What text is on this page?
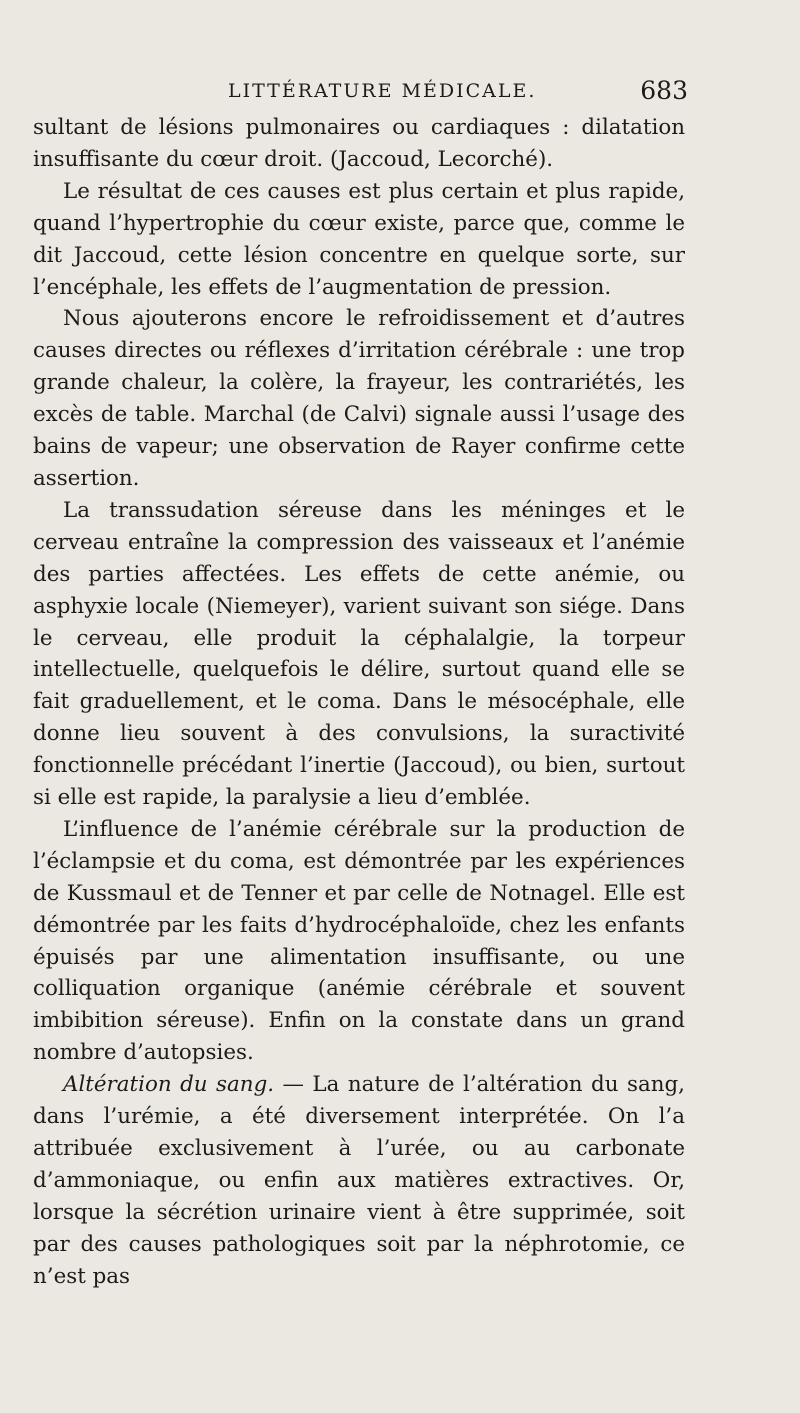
LITTÉRATURE MÉDICALE.	683

sultant de lésions pulmonaires ou cardiaques : dilatation insuffisante du cœur droit. (Jaccoud, Lecorché).

Le résultat de ces causes est plus certain et plus rapide, quand l’hypertrophie du cœur existe, parce que, comme le dit Jaccoud, cette lésion concentre en quelque sorte, sur l’encéphale, les effets de l’augmentation de pression.

Nous ajouterons encore le refroidissement et d’autres causes directes ou réflexes d’irritation cérébrale : une trop grande chaleur, la colère, la frayeur, les contrariétés, les excès de table. Marchal (de Calvi) signale aussi l’usage des bains de vapeur; une observation de Rayer confirme cette assertion.

La transsudation séreuse dans les méninges et le cerveau entraîne la compression des vaisseaux et l’anémie des parties affectées. Les effets de cette anémie, ou asphyxie locale (Niemeyer), varient suivant son siége. Dans le cerveau, elle produit la céphalalgie, la torpeur intellectuelle, quelquefois le délire, surtout quand elle se fait graduellement, et le coma. Dans le mésocéphale, elle donne lieu souvent à des convulsions, la suractivité fonctionnelle précédant l’inertie (Jaccoud), ou bien, surtout si elle est rapide, la paralysie a lieu d’emblée.

L’influence de l’anémie cérébrale sur la production de l’éclampsie et du coma, est démontrée par les expériences de Kussmaul et de Tenner et par celle de Notnagel. Elle est démontrée par les faits d’hydrocéphaloïde, chez les enfants épuisés par une alimentation insuffisante, ou une colliquation organique (anémie cérébrale et souvent imbibition séreuse). Enfin on la constate dans un grand nombre d’autopsies.

Altération du sang. — La nature de l’altération du sang, dans l’urémie, a été diversement interprétée. On l’a attribuée exclusivement à l’urée, ou au carbonate d’ammoniaque, ou enfin aux matières extractives. Or, lorsque la sécrétion urinaire vient à être supprimée, soit par des causes pathologiques soit par la néphrotomie, ce n’est pas
